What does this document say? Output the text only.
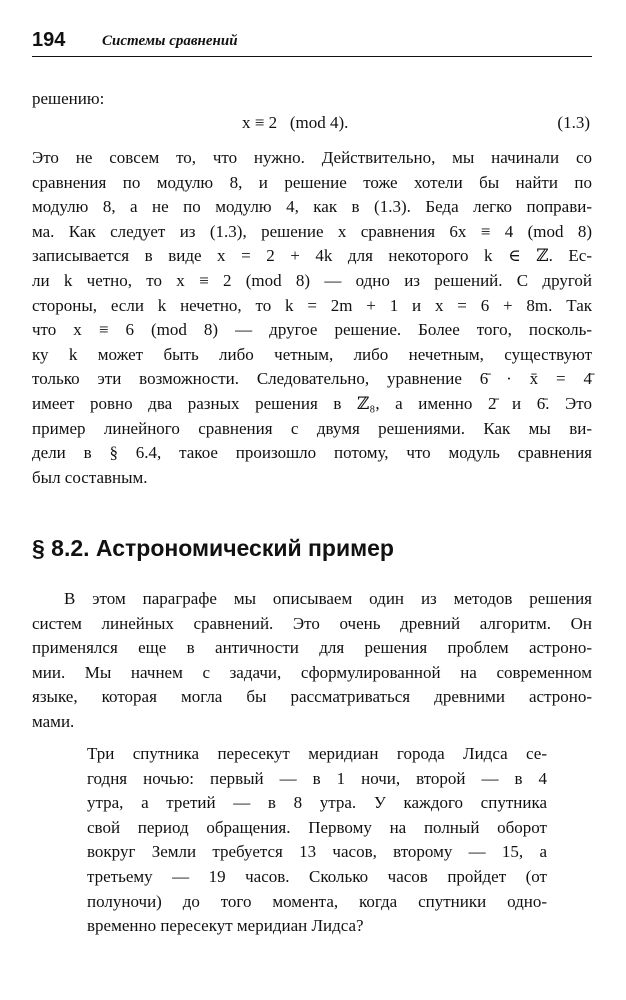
194 Системы сравнений
решению:
x ≡ 2   (mod 4).	(1.3)
Это не совсем то, что нужно. Действительно, мы начинали со
сравнения по модулю 8, и решение тоже хотели бы найти по
модулю 8, а не по модулю 4, как в (1.3). Беда легко поправи-
ма. Как следует из (1.3), решение x сравнения 6x ≡ 4 (mod 8)
записывается в виде x = 2 + 4k для некоторого k ∈ ℤ. Ес-
ли k четно, то x ≡ 2 (mod 8) — одно из решений. С другой
стороны, если k нечетно, то k = 2m + 1 и x = 6 + 8m. Так
что x ≡ 6 (mod 8) — другое решение. Более того, посколь-
ку k может быть либо четным, либо нечетным, существуют
только эти возможности. Следовательно, уравнение 6̄ · x̄ = 4̄
имеет ровно два разных решения в ℤ₈, а именно 2̄ и 6̄. Это
пример линейного сравнения с двумя решениями. Как мы ви-
дели в § 6.4, такое произошло потому, что модуль сравнения
был составным.
§ 8.2. Астрономический пример
В этом параграфе мы описываем один из методов решения
систем линейных сравнений. Это очень древний алгоритм. Он
применялся еще в античности для решения проблем астроно-
мии. Мы начнем с задачи, сформулированной на современном
языке, которая могла бы рассматриваться древними астроно-
мами.
Три спутника пересекут меридиан города Лидса се-
годня ночью: первый — в 1 ночи, второй — в 4
утра, а третий — в 8 утра. У каждого спутника
свой период обращения. Первому на полный оборот
вокруг Земли требуется 13 часов, второму — 15, а
третьему — 19 часов. Сколько часов пройдет (от
полуночи) до того момента, когда спутники одно-
временно пересекут меридиан Лидса?
